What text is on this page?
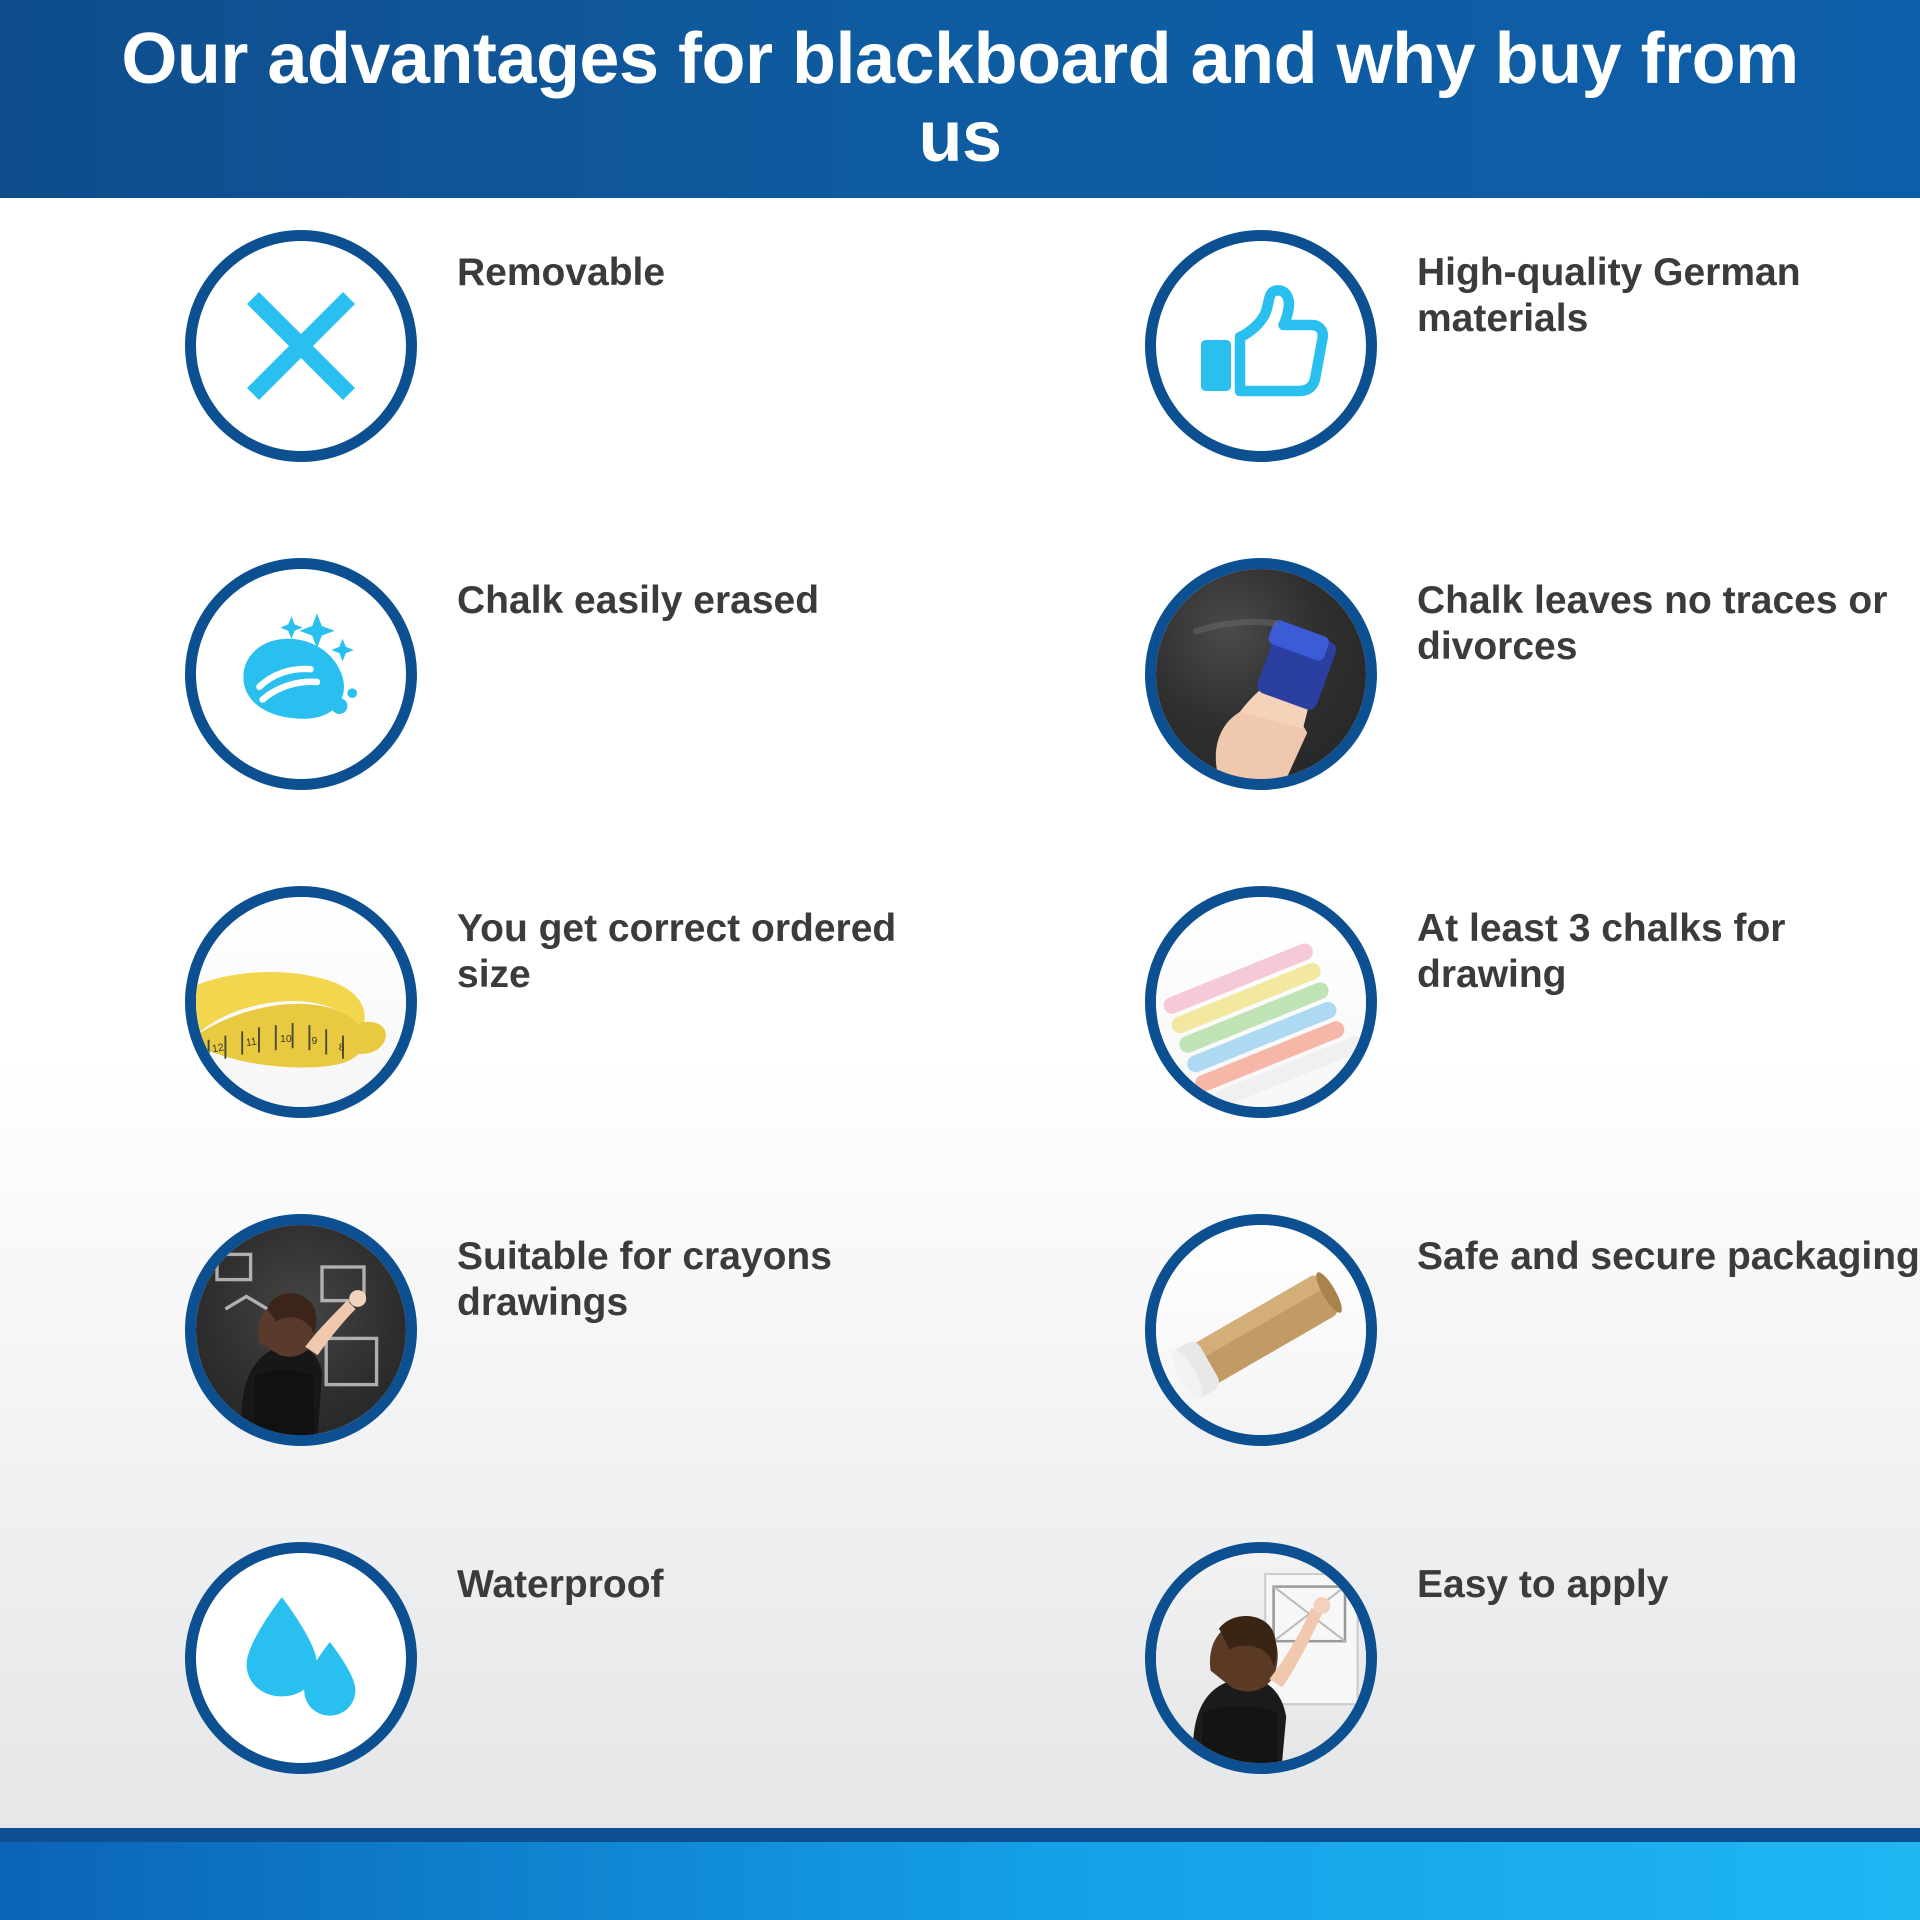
Our advantages for blackboard and why buy from us
Removable	High-quality German materials
Chalk easily erased	Chalk leaves no traces or divorces
12	11	10	9
8
You get correct ordered size
At least 3 chalks for drawing
Suitable for crayons drawings
Safe and secure packaging
Waterproof	Easy to apply
